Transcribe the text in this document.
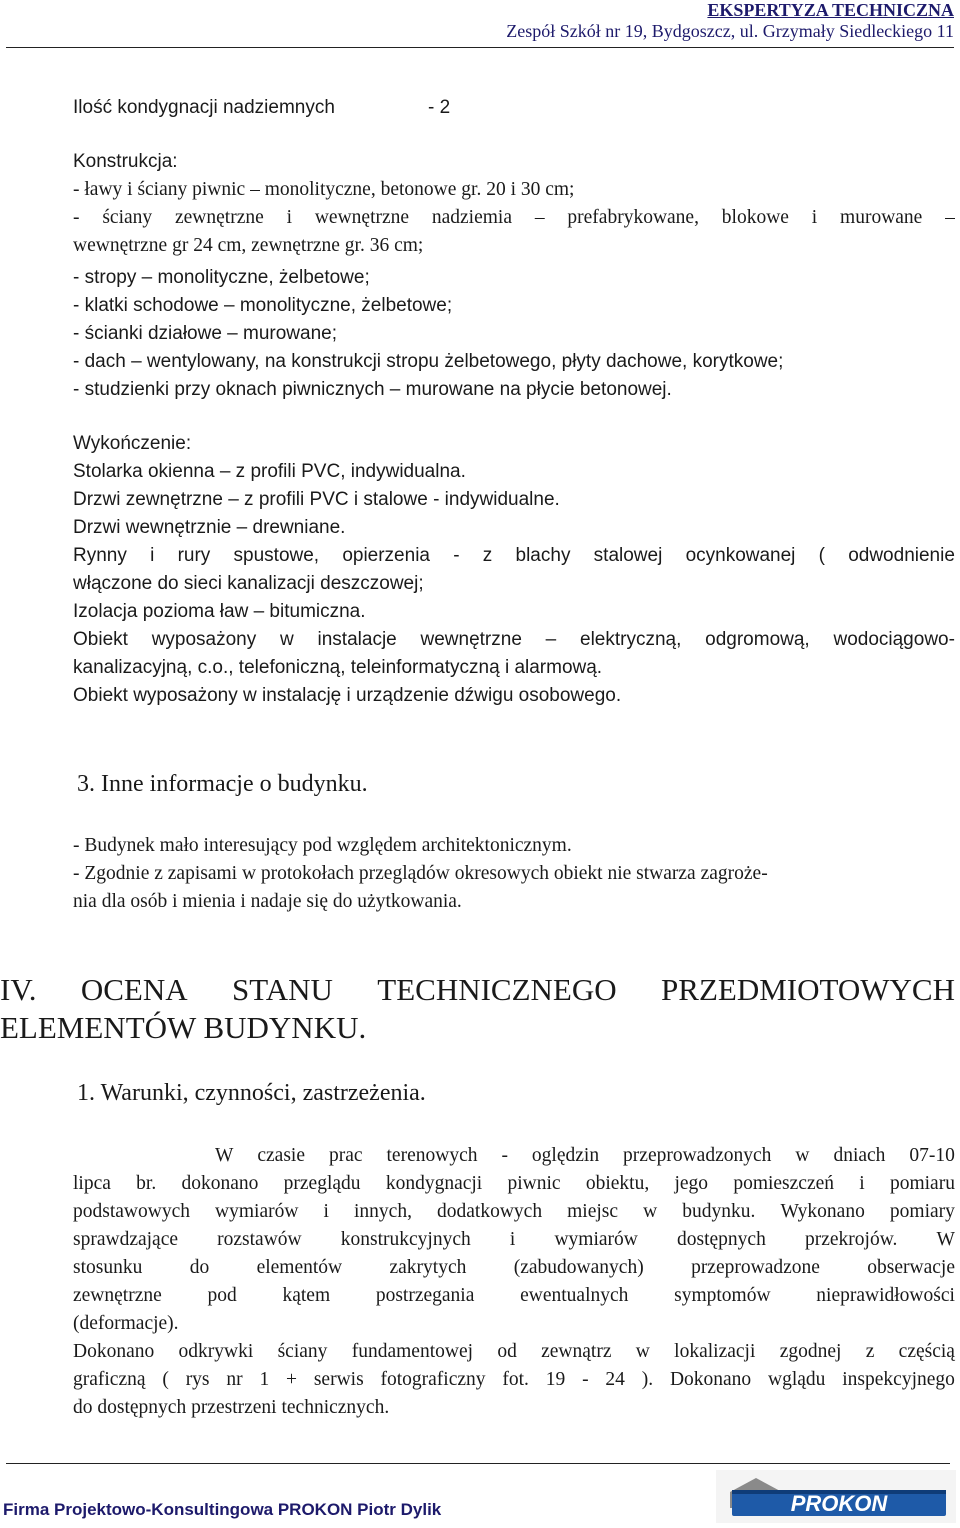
EKSPERTYZA TECHNICZNA
Zespół Szkół nr 19, Bydgoszcz, ul. Grzymały Siedleckiego 11
Ilość kondygnacji nadziemnych	- 2
Konstrukcja:
- ławy i ściany piwnic – monolityczne, betonowe gr. 20 i 30 cm;
- ściany zewnętrzne i wewnętrzne nadziemia – prefabrykowane, blokowe i murowane –
wewnętrzne gr 24 cm, zewnętrzne gr. 36 cm;
- stropy – monolityczne, żelbetowe;
- klatki schodowe – monolityczne, żelbetowe;
- ścianki działowe – murowane;
- dach – wentylowany, na konstrukcji stropu żelbetowego, płyty dachowe, korytkowe;
- studzienki przy oknach piwnicznych – murowane na płycie betonowej.
Wykończenie:
Stolarka okienna – z profili PVC, indywidualna.
Drzwi zewnętrzne – z profili PVC i stalowe - indywidualne.
Drzwi wewnętrznie – drewniane.
Rynny i rury spustowe, opierzenia - z blachy stalowej ocynkowanej ( odwodnienie
włączone do sieci kanalizacji deszczowej;
Izolacja pozioma ław – bitumiczna.
Obiekt wyposażony w instalacje wewnętrzne – elektryczną, odgromową, wodociągowo-
kanalizacyjną, c.o., telefoniczną, teleinformatyczną i alarmową.
Obiekt wyposażony w instalację i urządzenie dźwigu osobowego.
3. Inne informacje o budynku.
- Budynek mało interesujący pod względem architektonicznym.
- Zgodnie z zapisami w protokołach przeglądów okresowych obiekt nie stwarza zagroże-
nia dla osób i mienia i nadaje się do użytkowania.
IV. OCENA STANU TECHNICZNEGO PRZEDMIOTOWYCH
ELEMENTÓW BUDYNKU.
1. Warunki, czynności, zastrzeżenia.
W czasie prac terenowych - oględzin przeprowadzonych w dniach 07-10
lipca br. dokonano przeglądu kondygnacji piwnic obiektu, jego pomieszczeń i pomiaru
podstawowych wymiarów i innych, dodatkowych miejsc w budynku. Wykonano pomiary
sprawdzające rozstawów konstrukcyjnych i wymiarów dostępnych przekrojów. W
stosunku do elementów zakrytych (zabudowanych) przeprowadzone obserwacje
zewnętrzne pod kątem postrzegania ewentualnych symptomów nieprawidłowości
(deformacje).
Dokonano odkrywki ściany fundamentowej od zewnątrz w lokalizacji zgodnej z częścią
graficzną ( rys nr 1 + serwis fotograficzny fot. 19 - 24 ). Dokonano wglądu inspekcyjnego
do dostępnych przestrzeni technicznych.
Firma Projektowo-Konsultingowa PROKON Piotr Dylik	PROKON
